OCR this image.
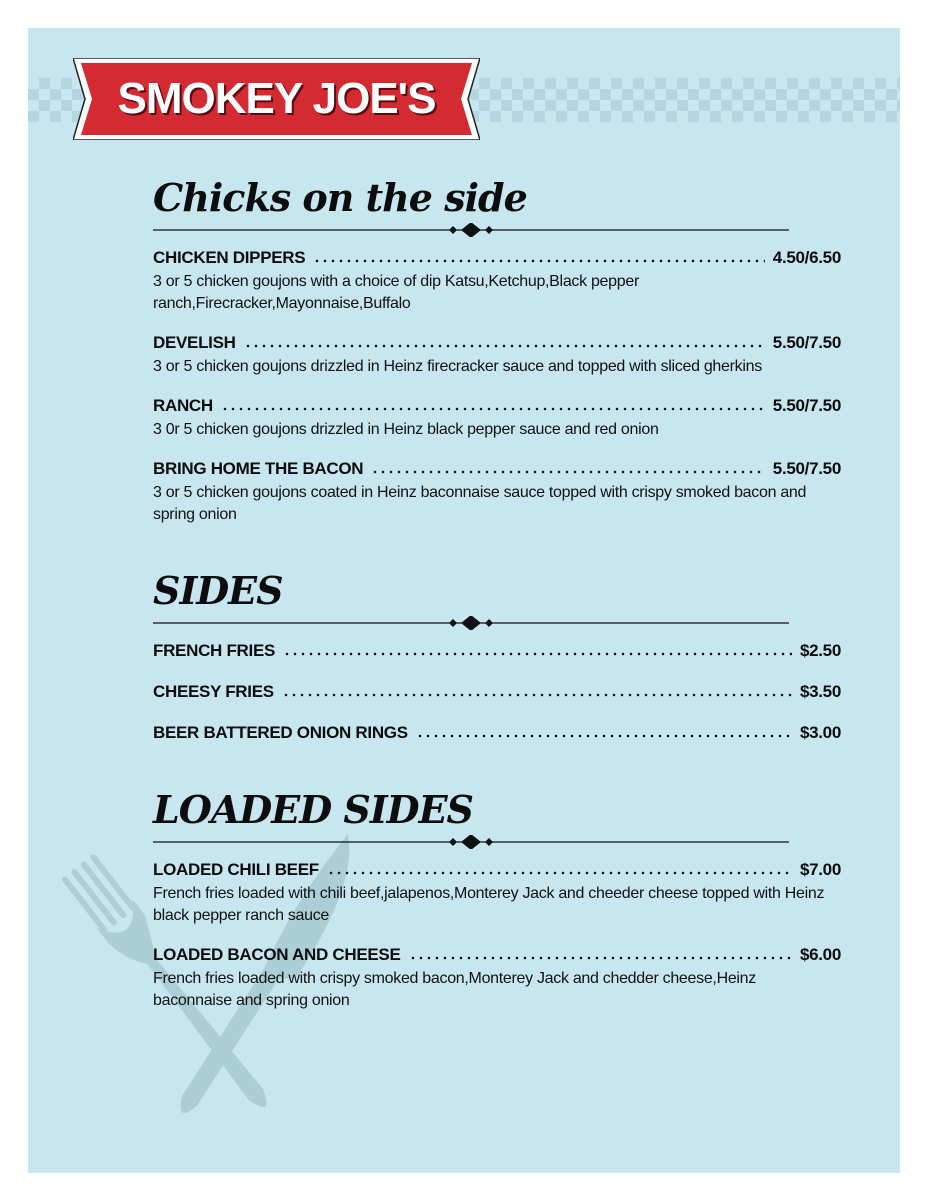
SMOKEY JOE'S
Chicks on the side
CHICKEN DIPPERS	4.50/6.50
3 or 5 chicken goujons with a choice of dip Katsu,Ketchup,Black pepper ranch,Firecracker,Mayonnaise,Buffalo
DEVELISH	5.50/7.50
3 or 5 chicken goujons drizzled in Heinz firecracker sauce and topped with sliced gherkins
RANCH	5.50/7.50
3 0r 5 chicken goujons drizzled in Heinz black pepper sauce and red onion
BRING HOME THE BACON	5.50/7.50
3 or 5 chicken goujons coated in Heinz baconnaise sauce topped with crispy smoked bacon and spring onion
SIDES
FRENCH FRIES	$2.50
CHEESY FRIES	$3.50
BEER BATTERED ONION RINGS	$3.00
LOADED SIDES
LOADED CHILI BEEF	$7.00
French fries loaded with chili beef,jalapenos,Monterey Jack and cheeder cheese topped with Heinz black pepper ranch sauce
LOADED BACON AND CHEESE	$6.00
French fries loaded with crispy smoked bacon,Monterey Jack and chedder cheese,Heinz baconnaise and spring onion
